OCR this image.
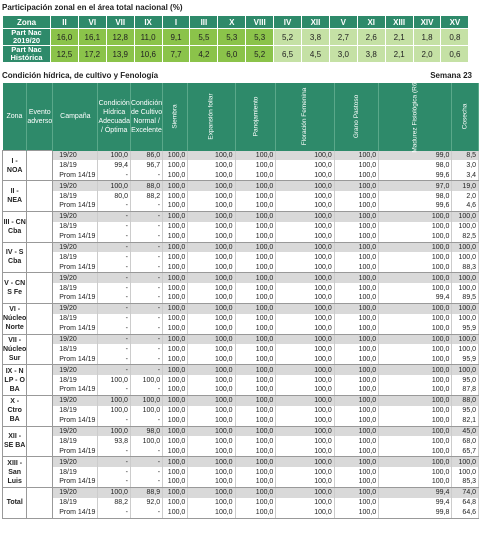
Participación zonal en el área total nacional (%)
Zona	II	VI	VII	IX	I	III	X	VIII	IV	XII	V	XI	XIII	XIV	XV
Part Nac 2019/20	16,0	16,1	12,8	11,0	9,1	5,5	5,3	5,3	5,2	3,8	2,7	2,6	2,1	1,8	0,8
Part Nac Histórica	12,5	17,2	13,9	10,6	7,7	4,2	6,0	5,2	6,5	4,5	3,0	3,8	2,1	2,0	0,6
Condición hídrica, de cultivo y Fenología	Semana 23
Zona	Evento adverso	Campaña	Condición Hídrica Adecuada / Óptima	Condición de Cultivo Normal / Excelente	Siembra	Expansión foliar	Panojamiento	Floración Femenina	Grano Pastoso	Madurez Fisiológica (R6)	Cosecha
I - NOA		19/20	100,0	86,0	100,0	100,0	100,0	100,0	100,0	99,0	8,5
		18/19	99,4	96,7	100,0	100,0	100,0	100,0	100,0	98,0	3,0
		Prom 14/19	-	-	100,0	100,0	100,0	100,0	100,0	99,6	3,4
II - NEA		19/20	100,0	88,0	100,0	100,0	100,0	100,0	100,0	97,0	19,0
		18/19	80,0	88,2	100,0	100,0	100,0	100,0	100,0	98,0	2,0
		Prom 14/19	-	-	100,0	100,0	100,0	100,0	100,0	99,6	4,6
III - CN Cba		19/20	-	-	100,0	100,0	100,0	100,0	100,0	100,0	100,0
		18/19	-	-	100,0	100,0	100,0	100,0	100,0	100,0	100,0
		Prom 14/19	-	-	100,0	100,0	100,0	100,0	100,0	100,0	82,5
IV - S Cba		19/20	-	-	100,0	100,0	100,0	100,0	100,0	100,0	100,0
		18/19	-	-	100,0	100,0	100,0	100,0	100,0	100,0	100,0
		Prom 14/19	-	-	100,0	100,0	100,0	100,0	100,0	100,0	88,3
V - CN S Fe		19/20	-	-	100,0	100,0	100,0	100,0	100,0	100,0	100,0
		18/19	-	-	100,0	100,0	100,0	100,0	100,0	100,0	100,0
		Prom 14/19	-	-	100,0	100,0	100,0	100,0	100,0	99,4	89,5
VI - Núcleo Norte		19/20	-	-	100,0	100,0	100,0	100,0	100,0	100,0	100,0
		18/19	-	-	100,0	100,0	100,0	100,0	100,0	100,0	100,0
		Prom 14/19	-	-	100,0	100,0	100,0	100,0	100,0	100,0	95,9
VII - Núcleo Sur		19/20	-	-	100,0	100,0	100,0	100,0	100,0	100,0	100,0
		18/19	-	-	100,0	100,0	100,0	100,0	100,0	100,0	100,0
		Prom 14/19	-	-	100,0	100,0	100,0	100,0	100,0	100,0	95,9
IX - N LP - O BA		19/20	-	-	100,0	100,0	100,0	100,0	100,0	100,0	100,0
		18/19	100,0	100,0	100,0	100,0	100,0	100,0	100,0	100,0	95,0
		Prom 14/19	-	-	100,0	100,0	100,0	100,0	100,0	100,0	87,8
X - Ctro BA		19/20	100,0	100,0	100,0	100,0	100,0	100,0	100,0	100,0	88,0
		18/19	100,0	100,0	100,0	100,0	100,0	100,0	100,0	100,0	95,0
		Prom 14/19	-	-	100,0	100,0	100,0	100,0	100,0	100,0	82,1
XII - SE BA		19/20	100,0	98,0	100,0	100,0	100,0	100,0	100,0	100,0	45,0
		18/19	93,8	100,0	100,0	100,0	100,0	100,0	100,0	100,0	68,0
		Prom 14/19	-	-	100,0	100,0	100,0	100,0	100,0	100,0	65,7
XIII - San Luis		19/20	-	-	100,0	100,0	100,0	100,0	100,0	100,0	100,0
		18/19	-	-	100,0	100,0	100,0	100,0	100,0	100,0	100,0
		Prom 14/19	-	-	100,0	100,0	100,0	100,0	100,0	100,0	85,3
Total		19/20	100,0	88,9	100,0	100,0	100,0	100,0	100,0	99,4	74,0
		18/19	88,2	92,0	100,0	100,0	100,0	100,0	100,0	99,4	64,8
		Prom 14/19	-	-	100,0	100,0	100,0	100,0	100,0	99,8	64,6
